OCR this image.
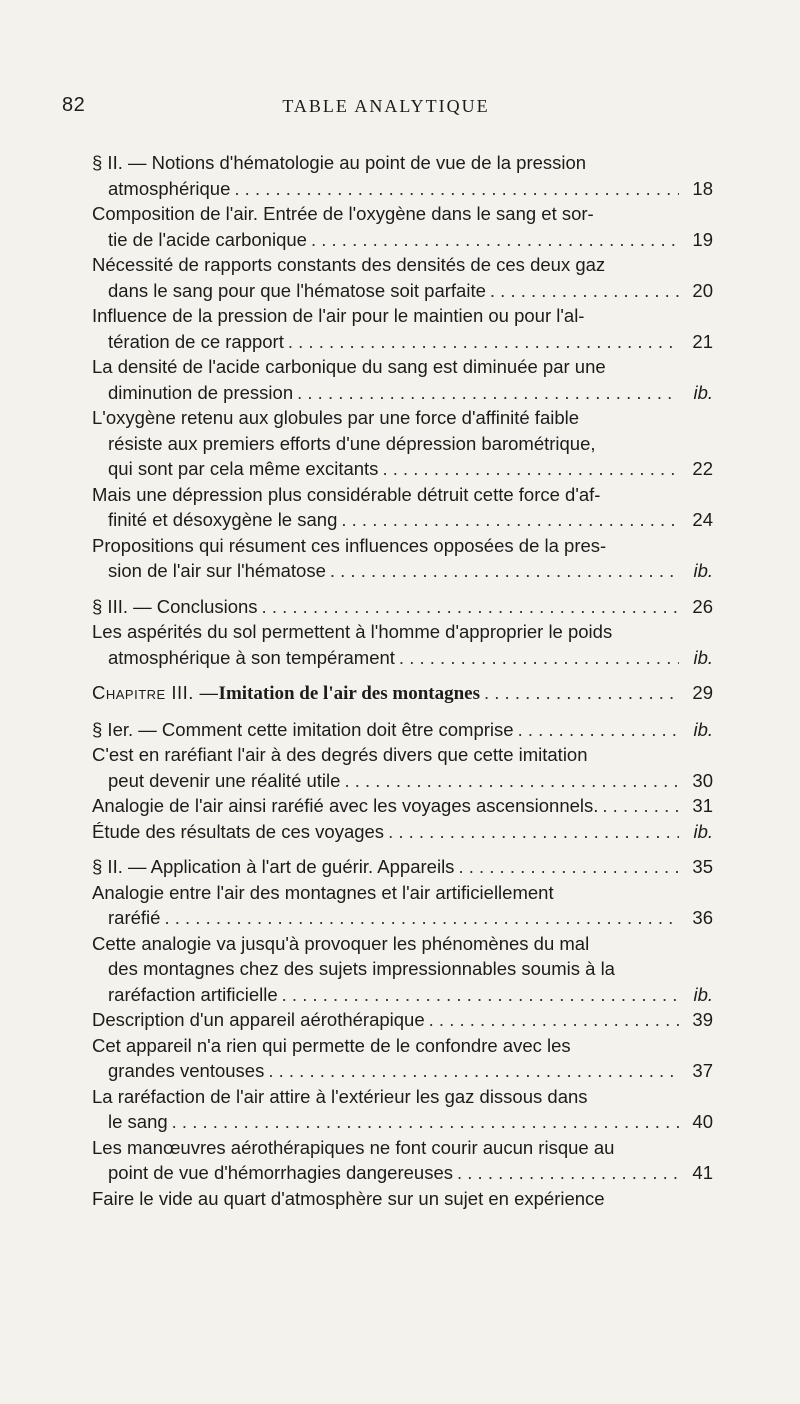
82	TABLE ANALYTIQUE
§ II. — Notions d'hématologie au point de vue de la pression
atmosphérique . . .	18
Composition de l'air. Entrée de l'oxygène dans le sang et sor-
tie de l'acide carbonique . . .	19
Nécessité de rapports constants des densités de ces deux gaz
dans le sang pour que l'hématose soit parfaite . . .	20
Influence de la pression de l'air pour le maintien ou pour l'al-
tération de ce rapport . . .	21
La densité de l'acide carbonique du sang est diminuée par une
diminution de pression . . .	ib.
L'oxygène retenu aux globules par une force d'affinité faible
résiste aux premiers efforts d'une dépression barométrique,
qui sont par cela même excitants . . .	22
Mais une dépression plus considérable détruit cette force d'af-
finité et désoxygène le sang . . .	24
Propositions qui résument ces influences opposées de la pres-
sion de l'air sur l'hématose . . .	ib.
§ III. — Conclusions . . .	26
Les aspérités du sol permettent à l'homme d'approprier le poids
atmosphérique à son tempérament . . .	ib.
Chapitre III. — Imitation de l'air des montagnes . . .	29
§ Ier. — Comment cette imitation doit être comprise . . .	ib.
C'est en raréfiant l'air à des degrés divers que cette imitation
peut devenir une réalité utile . . .	30
Analogie de l'air ainsi raréfié avec les voyages ascensionnels. . . .	31
Étude des résultats de ces voyages . . .	ib.
§ II. — Application à l'art de guérir. Appareils . . .	35
Analogie entre l'air des montagnes et l'air artificiellement
raréfié . . .	36
Cette analogie va jusqu'à provoquer les phénomènes du mal
des montagnes chez des sujets impressionnables soumis à la
raréfaction artificielle . . .	ib.
Description d'un appareil aérothérapique . . .	39
Cet appareil n'a rien qui permette de le confondre avec les
grandes ventouses . . .	37
La raréfaction de l'air attire à l'extérieur les gaz dissous dans
le sang . . .	40
Les manœuvres aérothérapiques ne font courir aucun risque au
point de vue d'hémorrhagies dangereuses . . .	41
Faire le vide au quart d'atmosphère sur un sujet en expérience
